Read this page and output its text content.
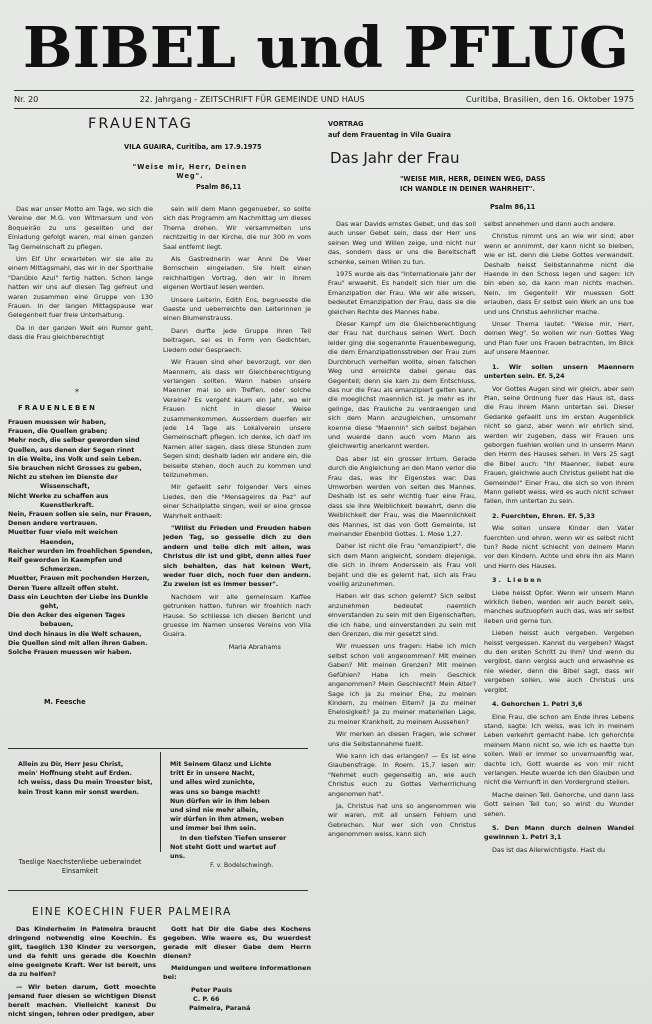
BIBEL und PFLUG
Nr. 20	22. Jahrgang - ZEITSCHRIFT FÜR GEMEINDE UND HAUS	Curitiba, Brasilien, den 16. Oktober 1975
FRAUENTAG
VILA GUAIRA, Curitiba, am 17.9.1975
"Weise mir, Herr, Deinen Weg".
Psalm 86,11

Das war unser Motto am Tage, wo sich die Vereine der M.G. von Witmarsum und von Boqueirão zu uns gesellten und der Einladung gefolgt waren, mal einen ganzen Tag Gemeinschaft zu pflegen.

Um Elf Uhr erwarteten wir sie alle zu einem Mittagsmahl, das wir in der Sporthalle "Danúbio Azul" fertig hatten. Schon lange hatten wir uns auf diesen Tag gefreut und waren zusammen eine Gruppe von 130 Frauen. In der langen Mittagspause war Gelegenheit fuer freie Unterhaltung.

Da in der ganzen Welt ein Rumor geht, dass die Frau gleichberechtigt

*

sein will dem Mann gegenueber, so sollte sich das Programm am Nachmittag um dieses Thema drehen. Wir versammelten uns rechtzeitig in der Kirche, die nur 300 m vom Saal entfernt liegt.

Als Gastrednerin war Anni De Veer Bornschein eingeladen. Sie hielt einen reichhaltigen Vortrag, den wir in ihrem eigenen Wortlaut lesen werden.

Unsere Leiterin, Edith Ens, begruesste die Gaeste und ueberreichte den Leiterinnen je einen Blumenstrauss.

Dann durfte jede Gruppe ihren Teil beitragen, sei es in Form von Gedichten, Liedern oder Gespraech.

Wir Frauen sind eher bevorzugt, vor den Maennern, als dass wir Gleichberechtigung verlangen sollten. Wann haben unsere Maenner mal so ein Treffen, oder solche Vereine? Es vergeht kaum ein Jahr, wo wir Frauen nicht in dieser Weise zusammenkommen. Ausserdem duerfen wir jede 14 Tage als Lokalverein unsere Gemeinschaft pflegen. Ich denke, ich darf im Namen aller sagen, dass diese Stunden zum Segen sind; deshalb laden wir andere ein, die beiseite stehen, doch auch zu kommen und teilzunehmen.

Mir gefaellt sehr folgender Vers eines Liedes, den die "Mensageiros da Paz" auf einer Schallplatte singen, weil er eine grosse Wahrheit enthaelt:

"Willst du Frieden und Freuden haben jeden Tag, so gesselle dich zu den andern und teile dich mit allen, was Christus dir ist und gibt, denn alles fuer sich behalten, das hat keinen Wert, weder fuer dich, noch fuer den andern. Zu zweien ist es immer besser".

Nachdem wir alle gemeinsam Kaffee getrunken hatten, fuhren wir froehlich nach Hause. So schliesse ich diesen Bericht und gruesse im Namen unseres Vereins von Vila Guaira.

Maria Abrahams

FRAUENLEBEN
Frauen muessen wir haben,
Frauen, die Quellen graben;
Mehr noch, die selber geworden sind
Quellen, aus denen der Segen rinnt
In die Weite, ins Volk und sein Leben.
Sie brauchen nicht Grosses zu geben,
Nicht zu stehen im Dienste der
Wissenschaft,
Nicht Werke zu schaffen aus
Kuenstlerkraft.
Nein, Frauen sollen sie sein, nur Frauen,
Denen andere vertrauen.
Muetter fuer viele mit weichen
Haenden,
Reicher wurden im froehlichen Spenden,
Reif geworden in Kaempfen und
Schmerzen.
Muetter, Frauen mit pochenden Herzen,
Deren Tuere allzeit offen steht.
Dass ein Leuchten der Liebe ins Dunkle
geht,
Die den Acker des eigenen Tages
bebauen,
Und doch hinaus in die Welt schauen,
Die Quellen sind mit allen ihren Gaben.
Solche Frauen muessen wir haben.
M. Feesche
Allein zu Dir, Herr Jesu Christ,
mein' Hoffnung steht auf Erden.
Ich weiss, dass Du mein Troester bist,
kein Trost kann mir sonst werden.
Mit Seinem Glanz und Lichte
tritt Er in unsere Nacht,
und alles wird zunichte,
was uns so bange macht!
Nun dürfen wir in Ihm leben
und sind nie mehr allein,
wir dürfen in Ihm atmen, weben
und immer bei Ihm sein.
In den tiefsten Tiefen unserer
Not steht Gott und wartet auf
uns.
F. v. Bodelschwingh.
Taeslige Naechstenliebe ueberwindet Einsamkeit
EINE KOECHIN FUER PALMEIRA

Das Kinderheim in Palmeira braucht dringend notwendig eine Koechin. Es gilt, taeglich 130 Kinder zu versorgen, und da fehlt uns gerade die Koechin eine geeignete Kraft. Wer ist bereit, uns da zu helfen?

— Wir beten darum, Gott moechte jemand fuer diesen so wichtigen Dienst bereit machen. Vielleicht kannst Du nicht singen, lehren oder predigen, aber

Gott hat Dir die Gabe des Kochens gegeben. Wie waere es, Du wuerdest gerade mit dieser Gabe dem Herrn dienen?

Meldungen und weitere Informationen bei:

Peter Pauls
C. P. 66
Palmeira, Paraná
VORTRAG
auf dem Frauentag in Vila Guaira
Das Jahr der Frau
"WEISE MIR, HERR, DEINEN WEG, DASS ICH WANDLE IN DEINER WAHRHEIT".
Psalm 86,11

Das war Davids ernstes Gebet, und das soll auch unser Gebet sein, dass der Herr uns seinen Weg und Willen zeige, und nicht nur das, sondern dass er uns die Bereitschaft schenke, seinen Willen zu tun.

1975 wurde als das "Internationale Jahr der Frau" erwaehlt. Es handelt sich hier um die Emanzipation der Frau. Wie wir alle wissen, bedeutet Emanzipation der Frau, dass sie die gleichen Rechte des Mannes habe.

Dieser Kampf um die Gleichberechtigung der Frau hat durchaus seinen Wert. Doch leider ging die sogenannte Frauenbewegung, die dem Emanzipationsstreben der Frau zum Durchbruch verhelfen wollte, einen falschen Weg und erreichte dabei genau das Gegenteil; denn sie kam zu dem Entschluss, das nur die Frau als emanzipiert gelten kann, die moeglichst maennlich ist. Je mehr es ihr gelinge, das Frauliche zu verdraengen und sich dem Mann anzugleichen, umsomehr koenne diese "Maennin" sich selbst bejahen und wuerde dann auch vom Mann als gleichwertig anerkannt werden.

Das aber ist ein grosser Irrtum. Gerade durch die Angleichung an den Mann verlor die Frau das, was ihr Eigenstes war: Das Umworben werden von seiten des Mannes. Deshalb ist es sehr wichtig fuer eine Frau, dass sie ihre Weiblichkeit bewahrt, denn die Weiblichkeit der Frau, was die Maennlichkeit des Mannes, ist das von Gott Gemeinte, ist meinander Ebenbild Gottes. 1. Mose 1,27.

Daher ist nicht die Frau "emanzipiert", die sich dem Mann angleicht, sondern diejenige, die sich in ihrem Anderssein als Frau voll bejaht und die es gelernt hat, sich als Frau voellig anzunehmen.

Haben wir das schon gelernt? Sich selbst anzunehmen bedeutet naemlich einverstanden zu sein mit den Eigenschaften, die ich habe, und einverstanden zu sein mit den Grenzen, die mir gesetzt sind.

Wir muessen uns fragen: Habe ich mich selbst schon voll angenommen? Mit meinen Gaben? Mit meinen Grenzen? Mit meinen Gefühlen? Habe ich mein Geschick angenommen? Mein Geschlecht? Mein Alter? Sage ich ja zu meiner Ehe, zu meinen Kindern, zu meinen Eltern? Ja zu meiner Ehelosigkeit? Ja zu meiner materiellen Lage, zu meiner Krankheit, zu meinem Aussehen?

Wir merken an diesen Fragen, wie schwer uns die Selbstannahme fuellt.

Wie kann ich das erlangen? — Es ist eine Glaubensfrage. In Roem. 15,7 lesen wir: "Nehmet euch gegenseitig an, wie auch Christus euch zu Gottes Verherrlichung angenomen hat".

Ja, Christus hat uns so angenommen wie wir waren, mit all unsern Fehlern und Gebrechen. Nur wer sich von Christus angenommen weiss, kann sich

selbst annehmen und dann auch andere.

Christus nimmt uns an wie wir sind; aber wenn er annimmt, der kann nicht so bleiben, wie er ist, denn die Liebe Gottes verwandelt. Deshalb heisst Selbstannahme nicht die Haende in den Schoss legen und sagen: Ich bin eben so, da kann man nichts machen. Nein, im Gegenteil! Wir muessen Gott erlauben, dass Er selbst sein Werk an uns tue und uns Christus aehnlicher mache.

Unser Thema lautet: "Weise mir, Herr, deinen Weg". So wollen wir nun Gottes Weg und Plan fuer uns Frauen betrachten, im Blick auf unsere Maenner.

1. Wir sollen unsern Maennern unterten sein. Ef. 5,24

Vor Gottes Augen sind wir gleich, aber sein Plan, seine Ordnung fuer das Haus ist, dass die Frau ihrem Mann untertan sei. Dieser Gedanke gefaellt uns im ersten Augenblick nicht so ganz, aber wenn wir ehrlich sind, werden wir zugeben, dass wir Frauen uns geborgen fuehlen wollen und in unserm Mann den Herrn des Hauses sehen. In Vers 25 sagt die Bibel auch: "Ihr Maenner, liebet eure Frauen, gleichwie auch Christus geliebt hat die Gemeinde!" Einer Frau, die sich so von ihrem Mann geliebt weiss, wird es auch nicht schwer fallen, ihm untertan zu sein.

2. Fuerchten, Ehren. Ef. 5,33

Wie sollen unsere Kinder den Vater fuerchten und ehren, wenn wir es selbst nicht tun? Rede nicht schlecht von deinem Mann vor den Kindern. Achte und ehre ihn als Mann und Herrn des Hauses.

3. Lieben

Liebe heisst Opfer. Wenn wir unsern Mann wirklich lieben, werden wir auch bereit sein, manches aufzuopfern auch das, was wir selbst lieben und gerne tun.

Lieben heisst auch vergeben. Vergeben heisst vergessen. Kannst du vergeben? Wagst du den ersten Schritt zu ihm? Und wenn du vergibst, dann vergiss auch und erwaehne es nie wieder, denn die Bibel sagt, dass wir vergeben sollen, wie auch Christus uns vergibt.

4. Gehorchen 1. Petri 3,6

Eine Frau, die schon am Ende ihres Lebens stand, sagte: Ich weiss, was ich in meinem Leben verkehrt gemacht habe. Ich gehorchte meinem Mann nicht so, wie ich es haette tun sollen. Weil er immer so unvernuenftig war, dachte ich, Gott wuerde es von mir nicht verlangen. Heute wuerde ich den Glauben und nicht die Vernunft in den Vordergrund stellen.

Mache deinen Teil. Gehorche, und dann lass Gott seinen Teil tun; so wirst du Wunder sehen.

5. Den Mann durch deinen Wandel gewinnen 1. Petri 3,1

Das ist das Allerwichtigste. Hast du
